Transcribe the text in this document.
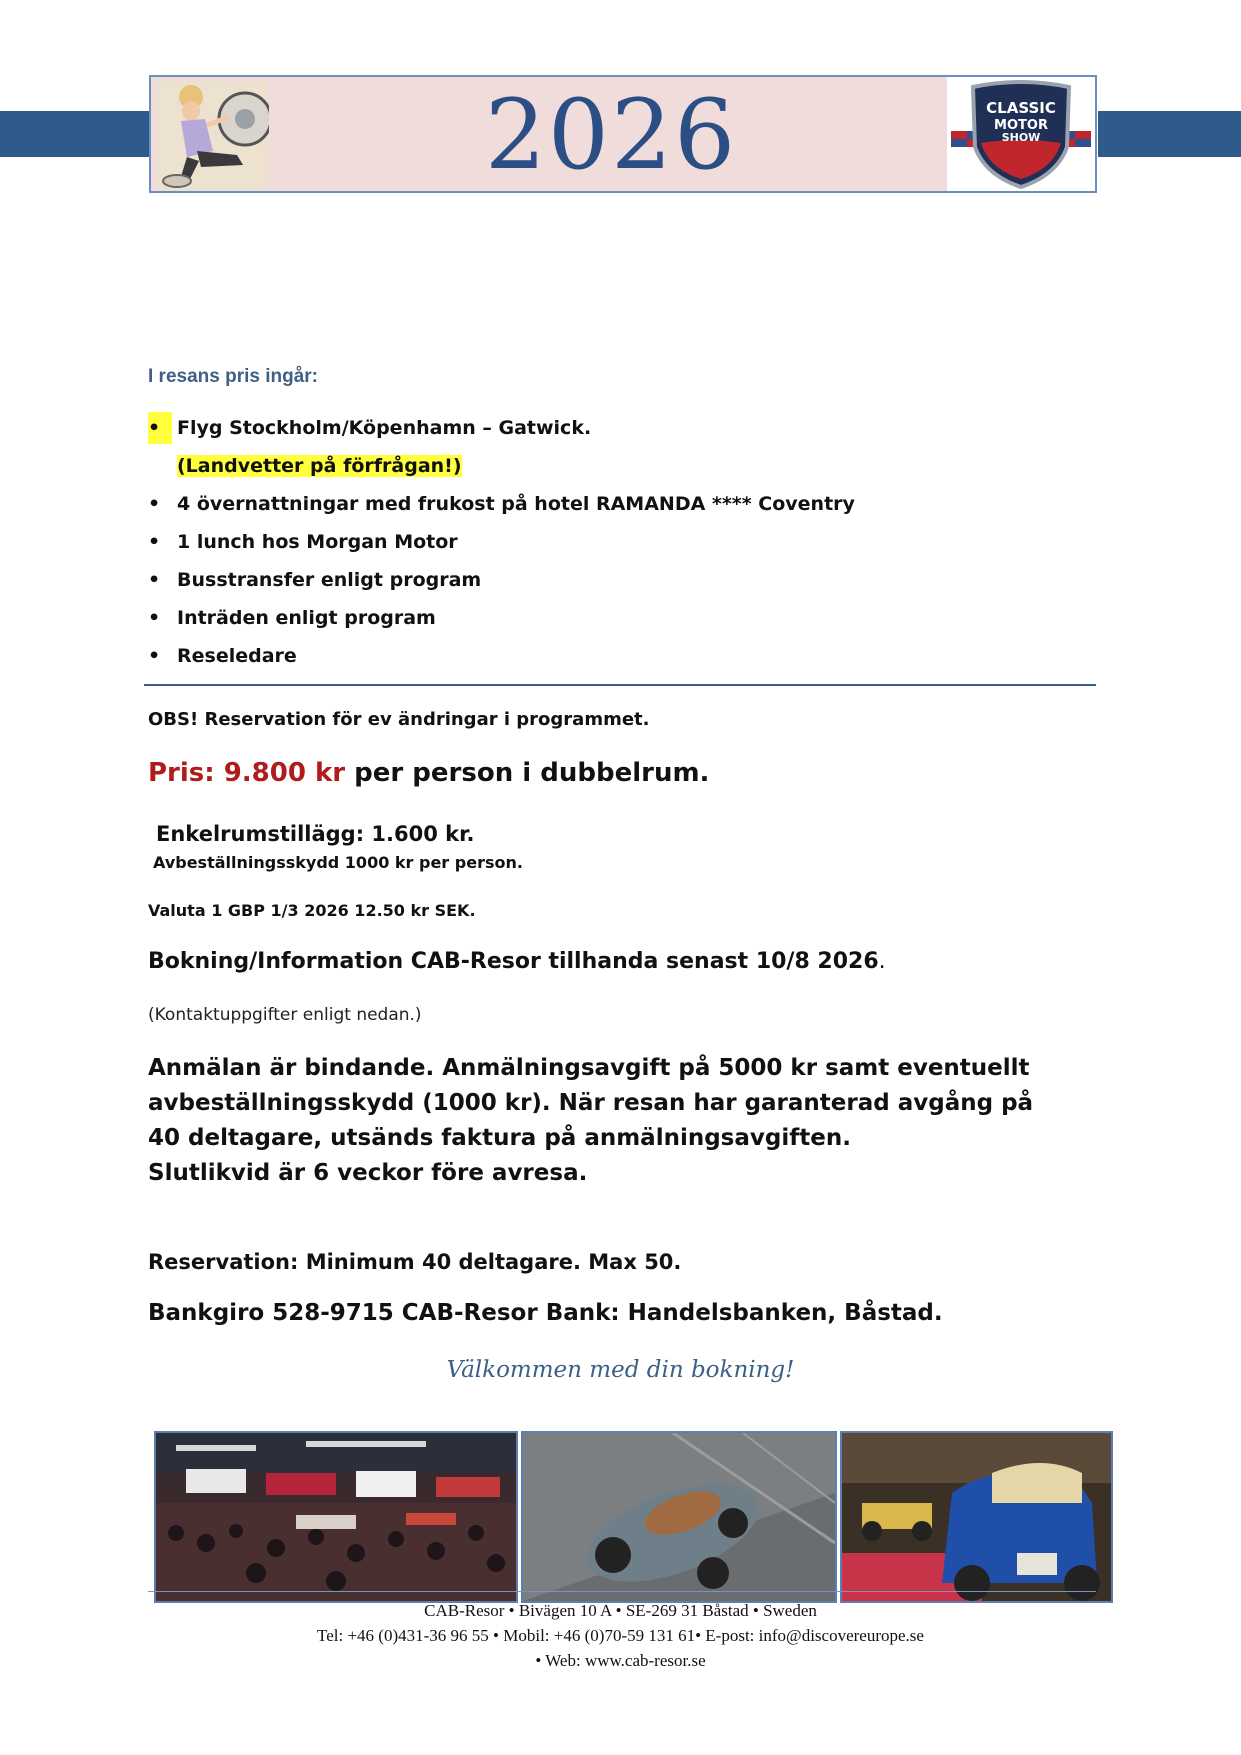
2026	CLASSIC
MOTOR
SHOW
I resans pris ingår:
•
Flyg Stockholm/Köpenhamn – Gatwick.
(Landvetter på förfrågan!)
• 4 övernattningar med frukost på hotel RAMANDA **** Coventry
• 1 lunch hos Morgan Motor
• Busstransfer enligt program
• Inträden enligt program
• Reseledare
OBS! Reservation för ev ändringar i programmet.
Pris: 9.800 kr per person i dubbelrum.
Enkelrumstillägg: 1.600 kr.
Avbeställningsskydd 1000 kr per person.
Valuta 1 GBP 1/3 2026 12.50 kr SEK.
Bokning/Information CAB-Resor tillhanda senast 10/8 2026.
(Kontaktuppgifter enligt nedan.)
Anmälan är bindande. Anmälningsavgift på 5000 kr samt eventuellt
avbeställningsskydd (1000 kr). När resan har garanterad avgång på
40 deltagare, utsänds faktura på anmälningsavgiften.
Slutlikvid är 6 veckor före avresa.
Reservation: Minimum 40 deltagare. Max 50.
Bankgiro 528-9715 CAB-Resor Bank: Handelsbanken, Båstad.
Välkommen med din bokning!
CAB-Resor • Bivägen 10 A • SE-269 31 Båstad • Sweden
Tel: +46 (0)431-36 96 55 • Mobil: +46 (0)70-59 131 61• E-post: info@discovereurope.se
• Web: www.cab-resor.se
